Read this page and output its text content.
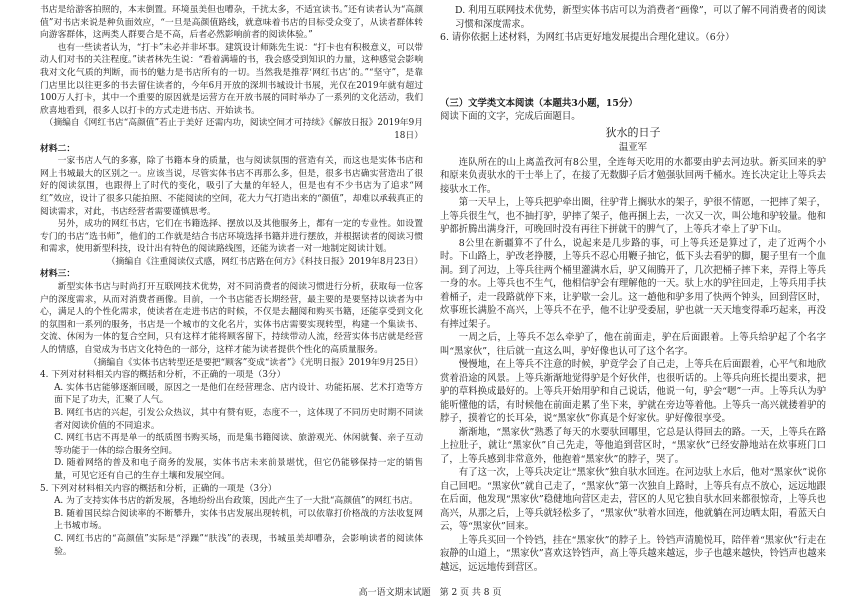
书店是给游客拍照的，本末倒置。环境虽美但也嘈杂，千扰太多，不适宜读书。”还有读者认为“高颜值”对书店来说是种负面效应，“一旦是高颜值路线，就意味着书店的目标受众变了，从读者群体转向游客群体，这两类人群要合是不高，后者必然影响前者的阅读体验。”

也有一些读者认为，“打卡”未必并非坏事。建筑设计师陈先生说：“打卡也有积极意义，可以带动人们对书的关注程度。”读者林先生说：“看着满墙的书，我会感受到知识的力量，这种感觉会影响我对文化气质的判断，而书的魅力是书店所有的一切。当然我是推荐‘网红书店’的。”“坚守”，是靠门店里比以往更多的书去留住读者的，今年6月开放的深圳书城设计书展，光仅在2019年就有超过100万人打卡，其中一个重要的原因就是运营方在开放书展的同时举办了一系列的文化活动，我们欣喜地看到，很多人以打卡的方式走进书店、开始读书。

（摘编自《网红书店“高颜值”若止于美好 还需内功，阅读空间才可持续》《解放日报》2019年9月18日）

材料二：

一家书店人气的多寡，除了书籍本身的质量，也与阅读氛围的营造有关，而这也是实体书店和网上书城最大的区别之一。应该当说，尽管实体书店不再那么多，但是，很多书店确实营造出了很好的阅读氛围，也跟得上了时代的变化，吸引了大量的年轻人，但是也有不少书店为了追求“网红”效应，设计了很多只能拍照、不能阅读的空间，花大力气打造出来的“颜值”，却难以承载真正的阅读需求，对此，书店经营者需要谨慎思考。

另外，成功的网红书店，它们在书籍选择、摆放以及其他服务上，都有一定的专业性。如设置专门的书店“选书师”，他们的工作就是结合书店环境选择书籍并进行摆放，并根据读者的阅读习惯和需求，使用新型科技，设计出有特色的阅读路线图，还能为读者一对一地制定阅读计划。

（摘编自《注重阅读仪式感，网红书店路在何方》《科技日报》2019年8月23日）

材料三：

新型实体书店与时尚打开互联网技术优势，对不同消费者的阅读习惯进行分析，获取每一位客户的深度需求，从而对消费者画像。目前，一个书店能否长期经营，最主要的是要坚持以读者为中心，满足人的个性化需求，使读者在走进书店的时候，不仅是去翻阅和购买书籍，还能享受到文化的氛围和一系列的服务，书店是一个城市的文化名片，实体书店需要实现转型，构建一个集读书、交流、休闲为一体的复合空间，只有这样才能将顾客留下，持续带动人流，经营实体书店就是经营人的情感，自觉成为书店文化特色的一部分，这样才能为读者提供个性化的高质量服务。

（摘编自《实体书店转型还是要把“顾客”变成“读者”》《光明日报》2019年9月25日）

4. 下列对材料相关内容的概括和分析，不正确的一项是（3分）

A. 实体书店能够逐渐回暖，原因之一是他们在经营理念、店内设计、功能拓展、艺术打造等方面下足了功夫，汇聚了人气。

B. 网红书店的兴起，引发公众热议，其中有赞有贬，态度不一，这体现了不同历史时期不同读者对阅读价值的不同追求。

C. 网红书店不再是单一的纸质图书购买场，而是集书籍阅读、旅游观光、休闲就餐、亲子互动等功能于一体的综合服务空间。

D. 随着网络的普及和电子商务的发展，实体书店未来前景堪忧，但它仍能够保持一定的销售量，可见它还有自己的生存土壤和发展空间。

5. 下列对材料相关内容的概括和分析，正确的一项是（3分）

A. 为了支持实体书店的新发展，各地纷纷出台政策，因此产生了一大批“高颜值”的网红书店。

B. 随着国民综合阅读率的不断攀升，实体书店发展出现转机，可以依靠打价格战的方法收复网上书城市场。

C. 网红书店的“高颜值”实际是“浮躁”“肤浅”的表现，书城虽美却嘈杂，会影响读者的阅读体验。

D. 利用互联网技术优势，新型实体书店可以为消费者“画像”，可以了解不同消费者的阅读习惯和深度需求。

6. 请你依据上述材料，为网红书店更好地发展提出合理化建议。（6分）

（三）文学类文本阅读（本题共3小题，15分）

阅读下面的文字，完成后面题目。

狄水的日子

温亚军

连队所在的山上离盖孜河有8公里，全连每天吃用的水都要由驴去河边驮。新买回来的驴和原来负责驮水的干士举上了，在接了无数脚子后才勉强驮回两千桶水。连长决定让上等兵去接驮水工作。

第一天早上，上等兵把驴牵出圈，往驴背上搁驮水的架子，驴很不情愿，一把摔了架子，上等兵很生气，也不抽打驴，驴摔了架子，他再捆上去，一次又一次，叫公地和驴较量。他和驴都折腾出满身汗，可晚回时没有再往下拼就干的脾气了，上等兵才牵上了驴下山。

8公里在新疆算不了什么，说起来是几步路的事，可上等兵还是算过了，走了近两个小时。下山路上，驴改老挣腰，上等兵不忍心用鞭子抽它，低下头去看驴的脚，腿子里有一个血洞。到了河边，上等兵往两个桶里灌满水后，驴又闹腾开了，几次把桶子摔下来，弄得上等兵一身的水。上等兵也不生气，他相信驴会有理解他的一天。驮上水的驴往回走，上等兵用手扶着桶子，走一段路就停下来，让驴歇一会儿。这一趟他和驴多用了快两个钟头，回到营区时，炊事班长满脸不高兴，上等兵不在乎，他不让驴受委屈，驴也就一天天地变得乖巧起来，再没有摔过架子。

一周之后，上等兵不怎么牵驴了，他在前面走，驴在后面跟着。上等兵给驴起了个名字叫“黑家伙”，往后就一直这么叫，驴好像也认可了这个名字。

慢慢地，在上等兵不注意的时候，驴竟学会了自己走，上等兵在后面跟着，心平气和地欣赏着沿途的风景。上等兵渐渐地觉得驴是个好伙伴，也很听话的。上等兵向班长提出要求，把驴的草料换成最好的。上等兵开始用驴和自己说话，他说一句，驴会“嗯”一声。上等兵认为驴能听懂他的话，有时候他在前面走累了坐下来，驴就在旁边等着他。上等兵一高兴就搂着驴的脖子，摸着它的长耳朵，说“黑家伙”你真是个好家伙。驴好像很享受。

渐渐地，“黑家伙”熟悉了每天的水要驮回哪里，它总是认得回去的路。一天，上等兵在路上拉肚子，就让“黑家伙”自己先走，等他追到营区时，“黑家伙”已经安静地站在炊事班门口了，上等兵感到非常意外，他抱着“黑家伙”的脖子，哭了。

有了这一次，上等兵决定让“黑家伙”独自驮水回连。在河边驮上水后，他对“黑家伙”说你自己回吧。“黑家伙”就自己走了，“黑家伙”第一次独自上路时，上等兵有点不放心，远远地跟在后面，他发现“黑家伙”稳健地向营区走去，营区的人见它独自驮水回来都很惊奇，上等兵也高兴，从那之后，上等兵就轻松多了，“黑家伙”驮着水回连，他就躺在河边晒太阳，看蓝天白云，等“黑家伙”回来。

上等兵买回一个铃铛，挂在“黑家伙”的脖子上。铃铛声清脆悦耳，陪伴着“黑家伙”行走在寂静的山道上，“黑家伙”喜欢这铃铛声，高上等兵越来越远，步子也越来越快，铃铛声也越来越远，远远地传到营区。

高一语文期末试题　第 2 页 共 8 页
